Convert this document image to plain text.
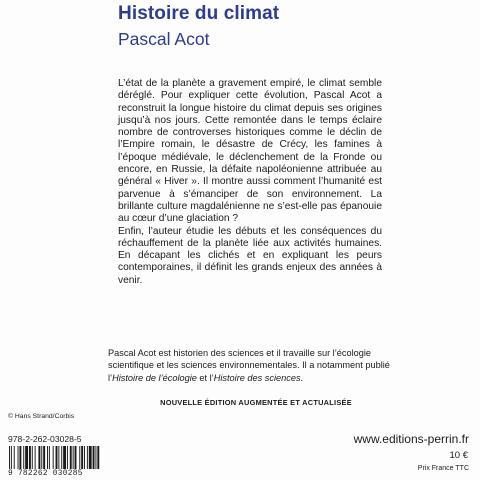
Histoire du climat
Pascal Acot

L’état de la planète a gravement empiré, le climat semble déréglé. Pour expliquer cette évolution, Pascal Acot a reconstruit la longue histoire du climat depuis ses origines jusqu’à nos jours. Cette remontée dans le temps éclaire nombre de controverses historiques comme le déclin de l’Empire romain, le désastre de Crécy, les famines à l’époque médiévale, le déclenchement de la Fronde ou encore, en Russie, la défaite napoléonienne attribuée au général « Hiver ». Il montre aussi comment l’humanité est parvenue à s’émanciper de son environnement. La brillante culture magdalénienne ne s’est-elle pas épanouie au cœur d’une glaciation ?

Enfin, l’auteur étudie les débuts et les conséquences du réchauffement de la planète liée aux activités humaines. En décapant les clichés et en expliquant les peurs contemporaines, il définit les grands enjeux des années à venir.

Pascal Acot est historien des sciences et il travaille sur l’écologie scientifique et les sciences environnementales. Il a notamment publié l’Histoire de l’écologie et l’Histoire des sciences.
NOUVELLE ÉDITION AUGMENTÉE ET ACTUALISÉE
© Hans Strand/Corbis
978-2-262-03028-5	www.editions-perrin.fr
10 €
Prix France TTC
9 782262 030285
